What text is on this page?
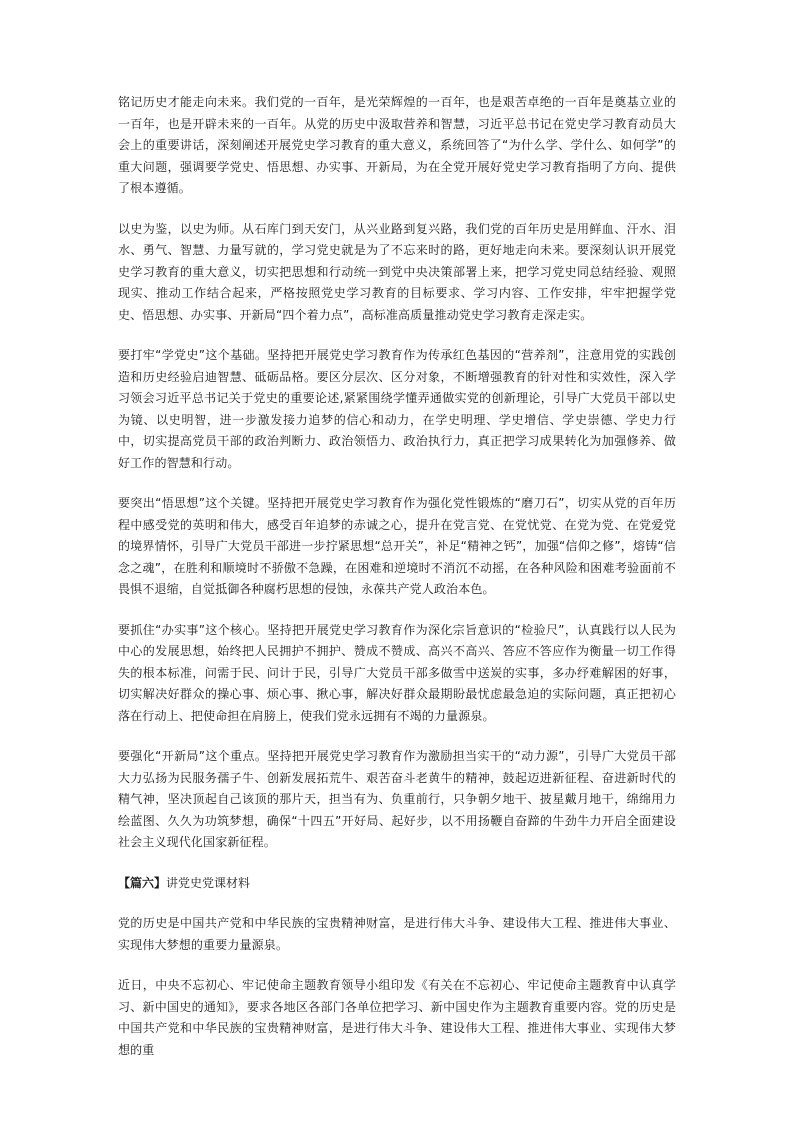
铭记历史才能走向未来。我们党的一百年，是光荣辉煌的一百年，也是艰苦卓绝的一百年是奠基立业的一百年，也是开辟未来的一百年。从党的历史中汲取营养和智慧，习近平总书记在党史学习教育动员大会上的重要讲话，深刻阐述开展党史学习教育的重大意义，系统回答了“为什么学、学什么、如何学”的重大问题，强调要学党史、悟思想、办实事、开新局，为在全党开展好党史学习教育指明了方向、提供了根本遵循。

以史为鉴，以史为师。从石库门到天安门，从兴业路到复兴路，我们党的百年历史是用鲜血、汗水、泪水、勇气、智慧、力量写就的，学习党史就是为了不忘来时的路，更好地走向未来。要深刻认识开展党史学习教育的重大意义，切实把思想和行动统一到党中央决策部署上来，把学习党史同总结经验、观照现实、推动工作结合起来，严格按照党史学习教育的目标要求、学习内容、工作安排，牢牢把握学党史、悟思想、办实事、开新局“四个着力点”，高标准高质量推动党史学习教育走深走实。

要打牢“学党史”这个基础。坚持把开展党史学习教育作为传承红色基因的“营养剂”，注意用党的实践创造和历史经验启迪智慧、砥砺品格。要区分层次、区分对象，不断增强教育的针对性和实效性，深入学习领会习近平总书记关于党史的重要论述,紧紧围绕学懂弄通做实党的创新理论，引导广大党员干部以史为镜、以史明智，进一步激发接力追梦的信心和动力，在学史明理、学史增信、学史崇德、学史力行中，切实提高党员干部的政治判断力、政治领悟力、政治执行力，真正把学习成果转化为加强修养、做好工作的智慧和行动。

要突出“悟思想”这个关键。坚持把开展党史学习教育作为强化党性锻炼的“磨刀石”，切实从党的百年历程中感受党的英明和伟大，感受百年追梦的赤诚之心，提升在党言党、在党忧党、在党为党、在党爱党的境界情怀，引导广大党员干部进一步拧紧思想“总开关”，补足“精神之钙”，加强“信仰之修”，熔铸“信念之魂”，在胜利和顺境时不骄傲不急躁，在困难和逆境时不消沉不动摇，在各种风险和困难考验面前不畏惧不退缩，自觉抵御各种腐朽思想的侵蚀，永葆共产党人政治本色。

要抓住“办实事”这个核心。坚持把开展党史学习教育作为深化宗旨意识的“检验尺”，认真践行以人民为中心的发展思想，始终把人民拥护不拥护、赞成不赞成、高兴不高兴、答应不答应作为衡量一切工作得失的根本标准，问需于民、问计于民，引导广大党员干部多做雪中送炭的实事，多办纾难解困的好事，切实解决好群众的操心事、烦心事、揪心事，解决好群众最期盼最忧虑最急迫的实际问题，真正把初心落在行动上、把使命担在肩膀上，使我们党永远拥有不竭的力量源泉。

要强化“开新局”这个重点。坚持把开展党史学习教育作为激励担当实干的“动力源”，引导广大党员干部大力弘扬为民服务孺子牛、创新发展拓荒牛、艰苦奋斗老黄牛的精神，鼓起迈进新征程、奋进新时代的精气神，坚决顶起自己该顶的那片天，担当有为、负重前行，只争朝夕地干、披星戴月地干，绵绵用力绘蓝图、久久为功筑梦想，确保“十四五”开好局、起好步，以不用扬鞭自奋蹄的牛劲牛力开启全面建设社会主义现代化国家新征程。

【篇六】讲党史党课材料

党的历史是中国共产党和中华民族的宝贵精神财富，是进行伟大斗争、建设伟大工程、推进伟大事业、实现伟大梦想的重要力量源泉。

近日，中央不忘初心、牢记使命主题教育领导小组印发《有关在不忘初心、牢记使命主题教育中认真学习、新中国史的通知》，要求各地区各部门各单位把学习、新中国史作为主题教育重要内容。党的历史是中国共产党和中华民族的宝贵精神财富，是进行伟大斗争、建设伟大工程、推进伟大事业、实现伟大梦想的重
